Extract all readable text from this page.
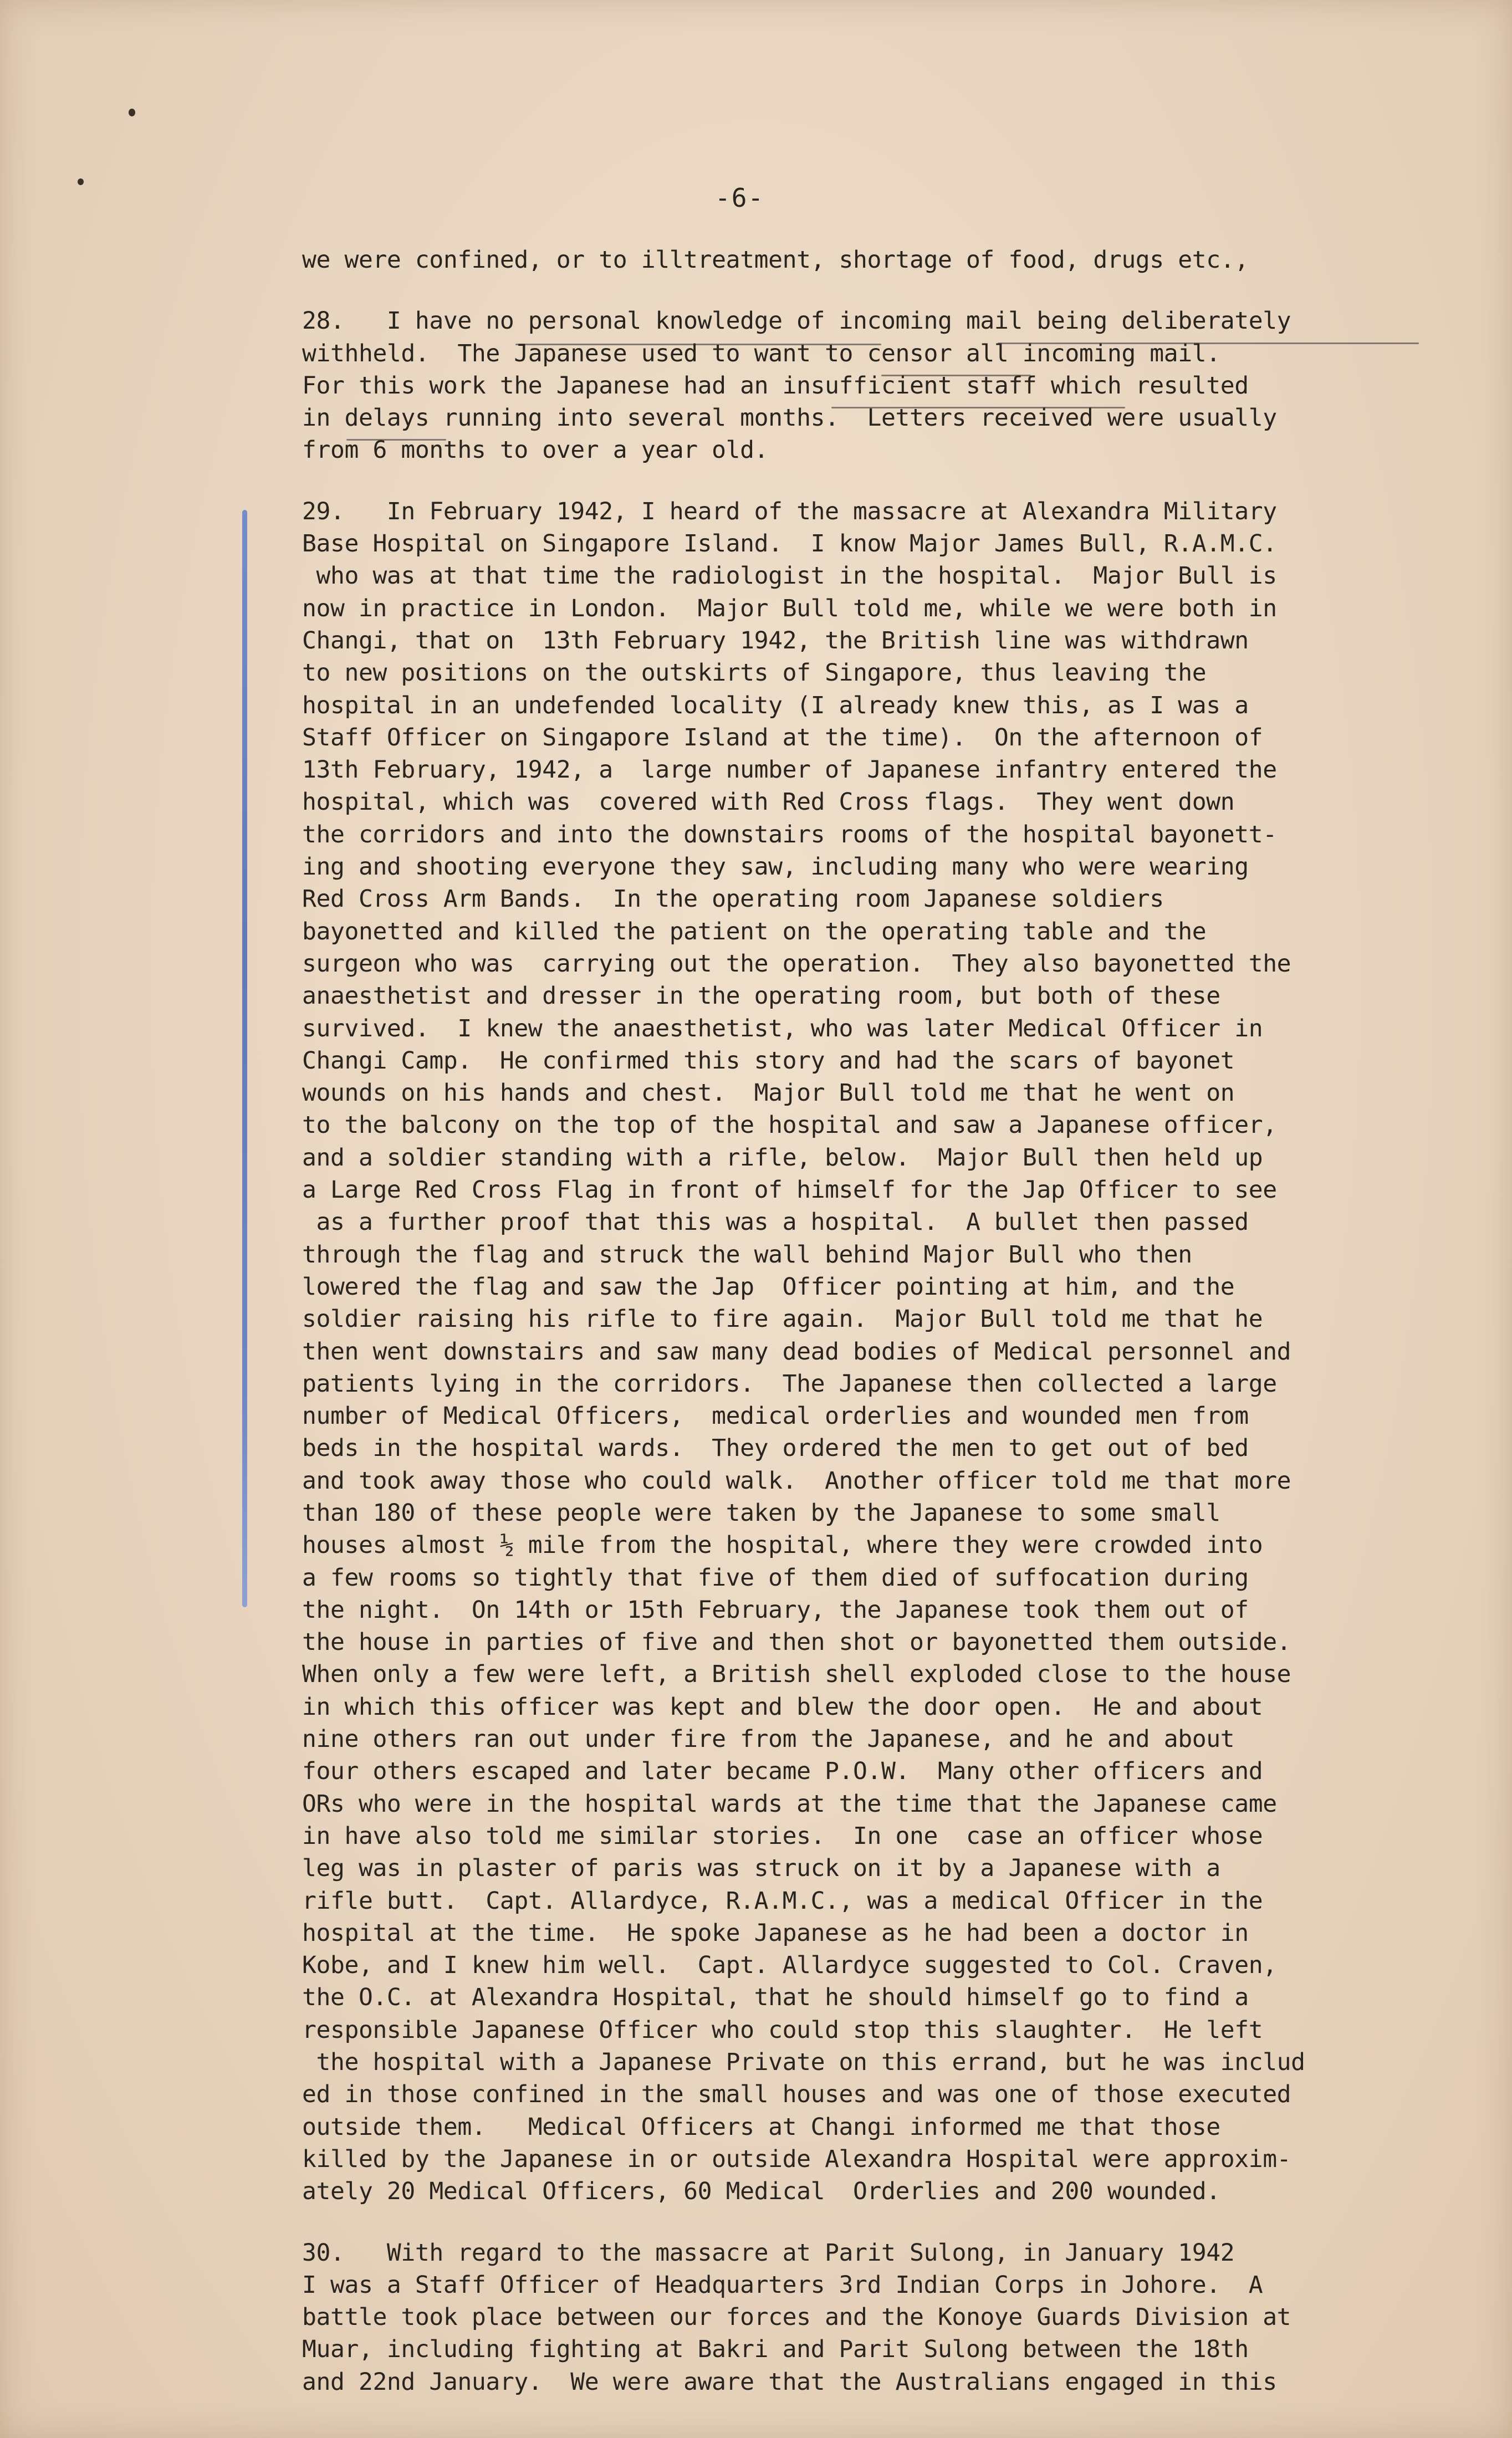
-6-
we were confined, or to illtreatment, shortage of food, drugs etc.,
28.   I have no personal knowledge of incoming mail being deliberately
withheld.  The Japanese used to want to censor all incoming mail.
For this work the Japanese had an insufficient staff which resulted
in delays running into several months.  Letters received were usually
from 6 months to over a year old.
29.   In February 1942, I heard of the massacre at Alexandra Military
Base Hospital on Singapore Island.  I know Major James Bull, R.A.M.C.
who was at that time the radiologist in the hospital.  Major Bull is
now in practice in London.  Major Bull told me, while we were both in
Changi, that on  13th February 1942, the British line was withdrawn
to new positions on the outskirts of Singapore, thus leaving the
hospital in an undefended locality (I already knew this, as I was a
Staff Officer on Singapore Island at the time).  On the afternoon of
13th February, 1942, a  large number of Japanese infantry entered the
hospital, which was  covered with Red Cross flags.  They went down
the corridors and into the downstairs rooms of the hospital bayonett-
ing and shooting everyone they saw, including many who were wearing
Red Cross Arm Bands.  In the operating room Japanese soldiers
bayonetted and killed the patient on the operating table and the
surgeon who was  carrying out the operation.  They also bayonetted the
anaesthetist and dresser in the operating room, but both of these
survived.  I knew the anaesthetist, who was later Medical Officer in
Changi Camp.  He confirmed this story and had the scars of bayonet
wounds on his hands and chest.  Major Bull told me that he went on
to the balcony on the top of the hospital and saw a Japanese officer,
and a soldier standing with a rifle, below.  Major Bull then held up
a Large Red Cross Flag in front of himself for the Jap Officer to see
as a further proof that this was a hospital.  A bullet then passed
through the flag and struck the wall behind Major Bull who then
lowered the flag and saw the Jap  Officer pointing at him, and the
soldier raising his rifle to fire again.  Major Bull told me that he
then went downstairs and saw many dead bodies of Medical personnel and
patients lying in the corridors.  The Japanese then collected a large
number of Medical Officers,  medical orderlies and wounded men from
beds in the hospital wards.  They ordered the men to get out of bed
and took away those who could walk.  Another officer told me that more
than 180 of these people were taken by the Japanese to some small
houses almost ½ mile from the hospital, where they were crowded into
a few rooms so tightly that five of them died of suffocation during
the night.  On 14th or 15th February, the Japanese took them out of
the house in parties of five and then shot or bayonetted them outside.
When only a few were left, a British shell exploded close to the house
in which this officer was kept and blew the door open.  He and about
nine others ran out under fire from the Japanese, and he and about
four others escaped and later became P.O.W.  Many other officers and
ORs who were in the hospital wards at the time that the Japanese came
in have also told me similar stories.  In one  case an officer whose
leg was in plaster of paris was struck on it by a Japanese with a
rifle butt.  Capt. Allardyce, R.A.M.C., was a medical Officer in the
hospital at the time.  He spoke Japanese as he had been a doctor in
Kobe, and I knew him well.  Capt. Allardyce suggested to Col. Craven,
the O.C. at Alexandra Hospital, that he should himself go to find a
responsible Japanese Officer who could stop this slaughter.  He left
the hospital with a Japanese Private on this errand, but he was includ
ed in those confined in the small houses and was one of those executed
outside them.   Medical Officers at Changi informed me that those
killed by the Japanese in or outside Alexandra Hospital were approxim-
ately 20 Medical Officers, 60 Medical  Orderlies and 200 wounded.
30.   With regard to the massacre at Parit Sulong, in January 1942
I was a Staff Officer of Headquarters 3rd Indian Corps in Johore.  A
battle took place between our forces and the Konoye Guards Division at
Muar, including fighting at Bakri and Parit Sulong between the 18th
and 22nd January.  We were aware that the Australians engaged in this
